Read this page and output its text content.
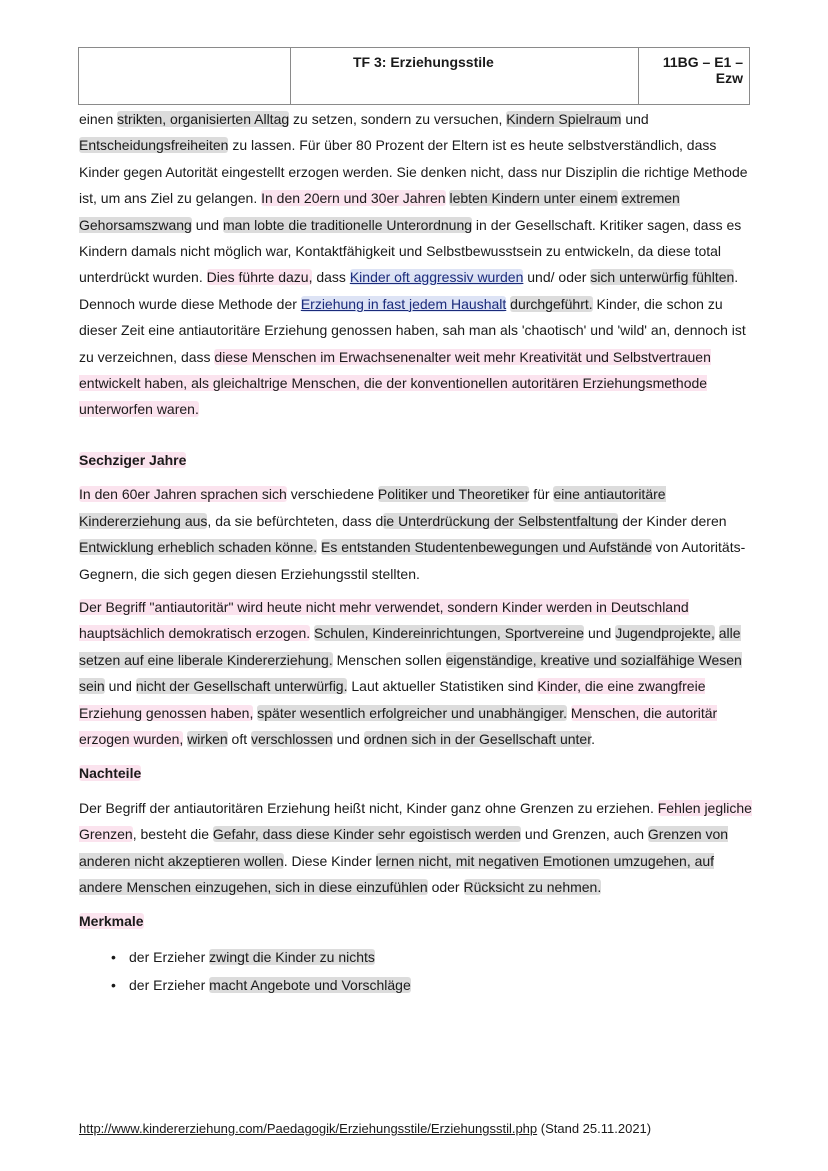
	TF 3: Erziehungsstile	11BG – E1 – Ezw

einen strikten, organisierten Alltag zu setzen, sondern zu versuchen, Kindern Spielraum und Entscheidungsfreiheiten zu lassen. Für über 80 Prozent der Eltern ist es heute selbstverständlich, dass Kinder gegen Autorität eingestellt erzogen werden. Sie denken nicht, dass nur Disziplin die richtige Methode ist, um ans Ziel zu gelangen. In den 20ern und 30er Jahren lebten Kindern unter einem extremen Gehorsamszwang und man lobte die traditionelle Unterordnung in der Gesellschaft. Kritiker sagen, dass es Kindern damals nicht möglich war, Kontaktfähigkeit und Selbstbewusstsein zu entwickeln, da diese total unterdrückt wurden. Dies führte dazu, dass Kinder oft aggressiv wurden und/ oder sich unterwürfig fühlten. Dennoch wurde diese Methode der Erziehung in fast jedem Haushalt durchgeführt. Kinder, die schon zu dieser Zeit eine antiautoritäre Erziehung genossen haben, sah man als 'chaotisch' und 'wild' an, dennoch ist zu verzeichnen, dass diese Menschen im Erwachsenenalter weit mehr Kreativität und Selbstvertrauen entwickelt haben, als gleichaltrige Menschen, die der konventionellen autoritären Erziehungsmethode unterworfen waren.

Sechziger Jahre

In den 60er Jahren sprachen sich verschiedene Politiker und Theoretiker für eine antiautoritäre Kindererziehung aus, da sie befürchteten, dass die Unterdrückung der Selbstentfaltung der Kinder deren Entwicklung erheblich schaden könne. Es entstanden Studentenbewegungen und Aufstände von Autoritäts-Gegnern, die sich gegen diesen Erziehungsstil stellten.

Der Begriff "antiautoritär" wird heute nicht mehr verwendet, sondern Kinder werden in Deutschland hauptsächlich demokratisch erzogen. Schulen, Kindereinrichtungen, Sportvereine und Jugendprojekte, alle setzen auf eine liberale Kindererziehung. Menschen sollen eigenständige, kreative und sozialfähige Wesen sein und nicht der Gesellschaft unterwürfig. Laut aktueller Statistiken sind Kinder, die eine zwangfreie Erziehung genossen haben, später wesentlich erfolgreicher und unabhängiger. Menschen, die autoritär erzogen wurden, wirken oft verschlossen und ordnen sich in der Gesellschaft unter.

Nachteile

Der Begriff der antiautoritären Erziehung heißt nicht, Kinder ganz ohne Grenzen zu erziehen. Fehlen jegliche Grenzen, besteht die Gefahr, dass diese Kinder sehr egoistisch werden und Grenzen, auch Grenzen von anderen nicht akzeptieren wollen. Diese Kinder lernen nicht, mit negativen Emotionen umzugehen, auf andere Menschen einzugehen, sich in diese einzufühlen oder Rücksicht zu nehmen.

Merkmale
• der Erzieher zwingt die Kinder zu nichts
• der Erzieher macht Angebote und Vorschläge
http://www.kindererziehung.com/Paedagogik/Erziehungsstile/Erziehungsstil.php (Stand 25.11.2021)
